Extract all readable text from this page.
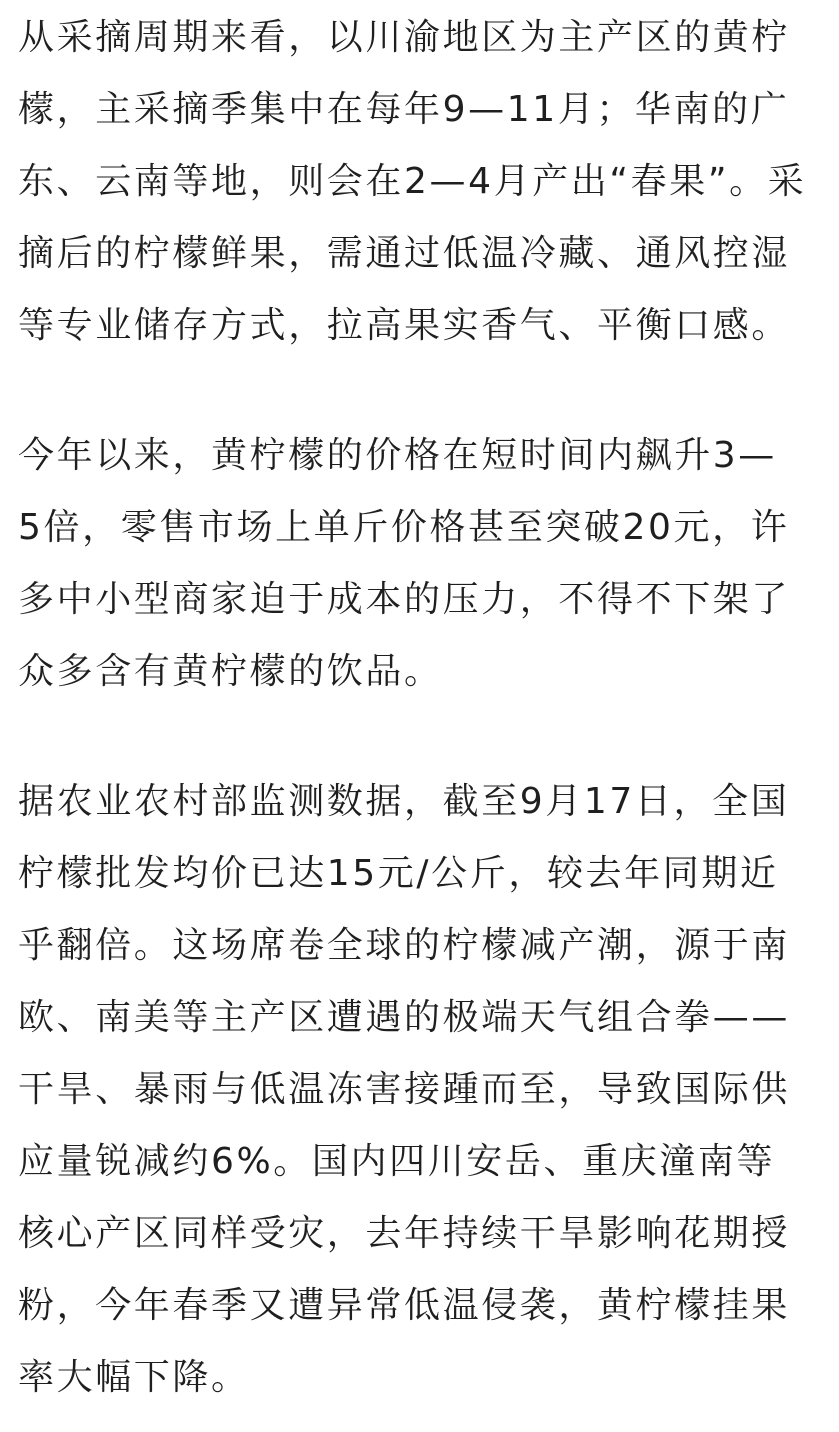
从采摘周期来看，以川渝地区为主产区的黄柠
檬，主采摘季集中在每年9—11月；华南的广
东、云南等地，则会在2—4月产出“春果”。采
摘后的柠檬鲜果，需通过低温冷藏、通风控湿
等专业储存方式，拉高果实香气、平衡口感。
今年以来，黄柠檬的价格在短时间内飙升3—
5倍，零售市场上单斤价格甚至突破20元，许
多中小型商家迫于成本的压力，不得不下架了
众多含有黄柠檬的饮品。
据农业农村部监测数据，截至9月17日，全国
柠檬批发均价已达15元/公斤，较去年同期近
乎翻倍。这场席卷全球的柠檬减产潮，源于南
欧、南美等主产区遭遇的极端天气组合拳——
干旱、暴雨与低温冻害接踵而至，导致国际供
应量锐减约6%。国内四川安岳、重庆潼南等
核心产区同样受灾，去年持续干旱影响花期授
粉，今年春季又遭异常低温侵袭，黄柠檬挂果
率大幅下降。
